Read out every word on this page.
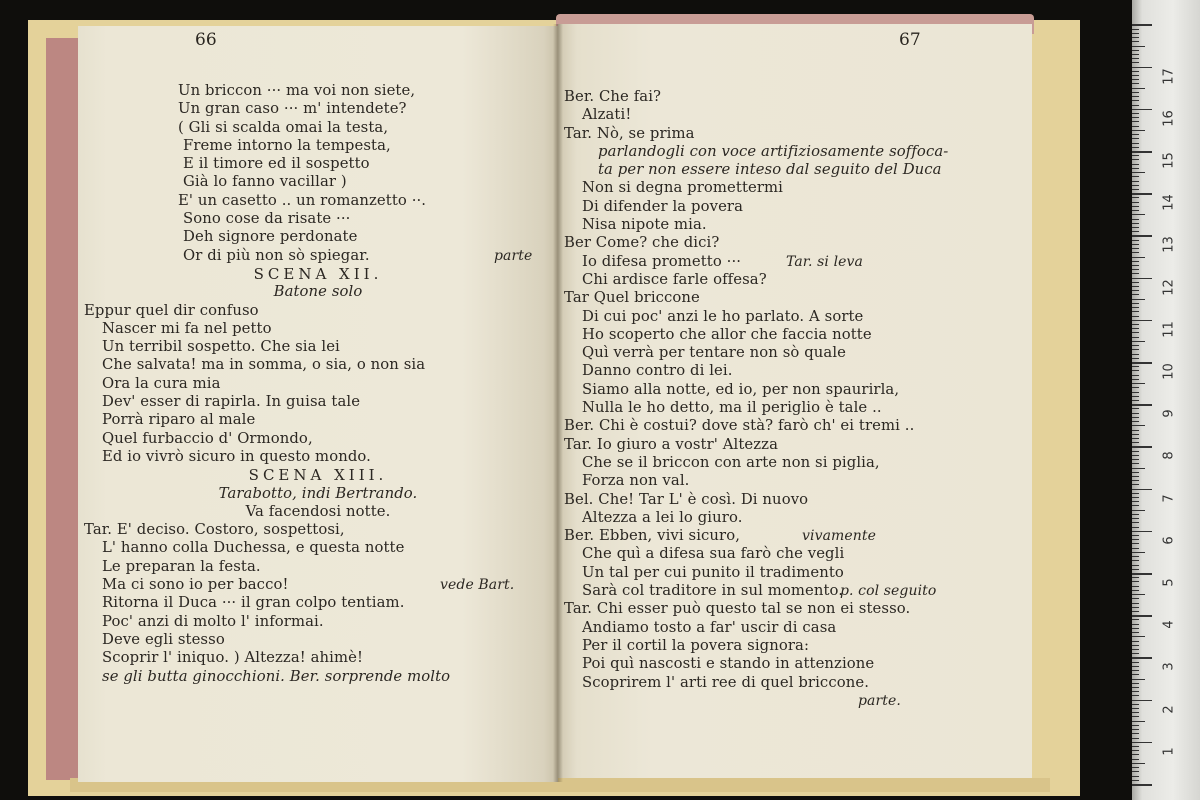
66
Un briccon ··· ma voi non siete,
Un gran caso ··· m' intendete?
( Gli si scalda omai la testa,
Freme intorno la tempesta,
E il timore ed il sospetto
Già lo fanno vacillar )
E' un casetto .. un romanzetto ··.
Sono cose da risate ···
Deh signore perdonate
Or di più non sò spiegar.	parte
SCENA XII.
Batone solo
Eppur quel dir confuso
Nascer mi fa nel petto
Un terribil sospetto. Che sia lei
Che salvata! ma in somma, o sia, o non sia
Ora la cura mia
Dev' esser di rapirla. In guisa tale
Porrà riparo al male
Quel furbaccio d' Ormondo,
Ed io vivrò sicuro in questo mondo.
SCENA XIII.
Tarabotto, indi Bertrando.
Va facendosi notte.
Tar. E' deciso. Costoro, sospettosi,
L' hanno colla Duchessa, e questa notte
Le preparan la festa.
Ma ci sono io per bacco!	vede Bart.
Ritorna il Duca ··· il gran colpo tentiam.
Poc' anzi di molto l' informai.
Deve egli stesso
Scoprir l' iniquo. ) Altezza! ahimè!
se gli butta ginocchioni. Ber. sorprende molto
67
Ber. Che fai?
Alzati!
Tar. Nò, se prima
parlandogli con voce artifiziosamente soffoca-
ta per non essere inteso dal seguito del Duca
Non si degna promettermi
Di difender la povera
Nisa nipote mia.
Ber Come? che dici?
Io difesa prometto ···	Tar. si leva
Chi ardisce farle offesa?
Tar Quel briccone
Di cui poc' anzi le ho parlato. A sorte
Ho scoperto che allor che faccia notte
Quì verrà per tentare non sò quale
Danno contro di lei.
Siamo alla notte, ed io, per non spaurirla,
Nulla le ho detto, ma il periglio è tale ..
Ber. Chi è costui? dove stà? farò ch' ei tremi ..
Tar. Io giuro a vostr' Altezza
Che se il briccon con arte non si piglia,
Forza non val.
Bel. Che! Tar L' è così. Di nuovo
Altezza a lei lo giuro.
Ber. Ebben, vivi sicuro,	vivamente
Che quì a difesa sua farò che vegli
Un tal per cui punito il tradimento
Sarà col traditore in sul momento.
p. col seguito
Tar. Chi esser può questo tal se non ei stesso.
Andiamo tosto a far' uscir di casa
Per il cortil la povera signora:
Poi quì nascosti e stando in attenzione
Scoprirem l' arti ree di quel briccone.
parte.
1
2
3
4
5
6
7
8
9
10
11
12
13
14
15
16
17
